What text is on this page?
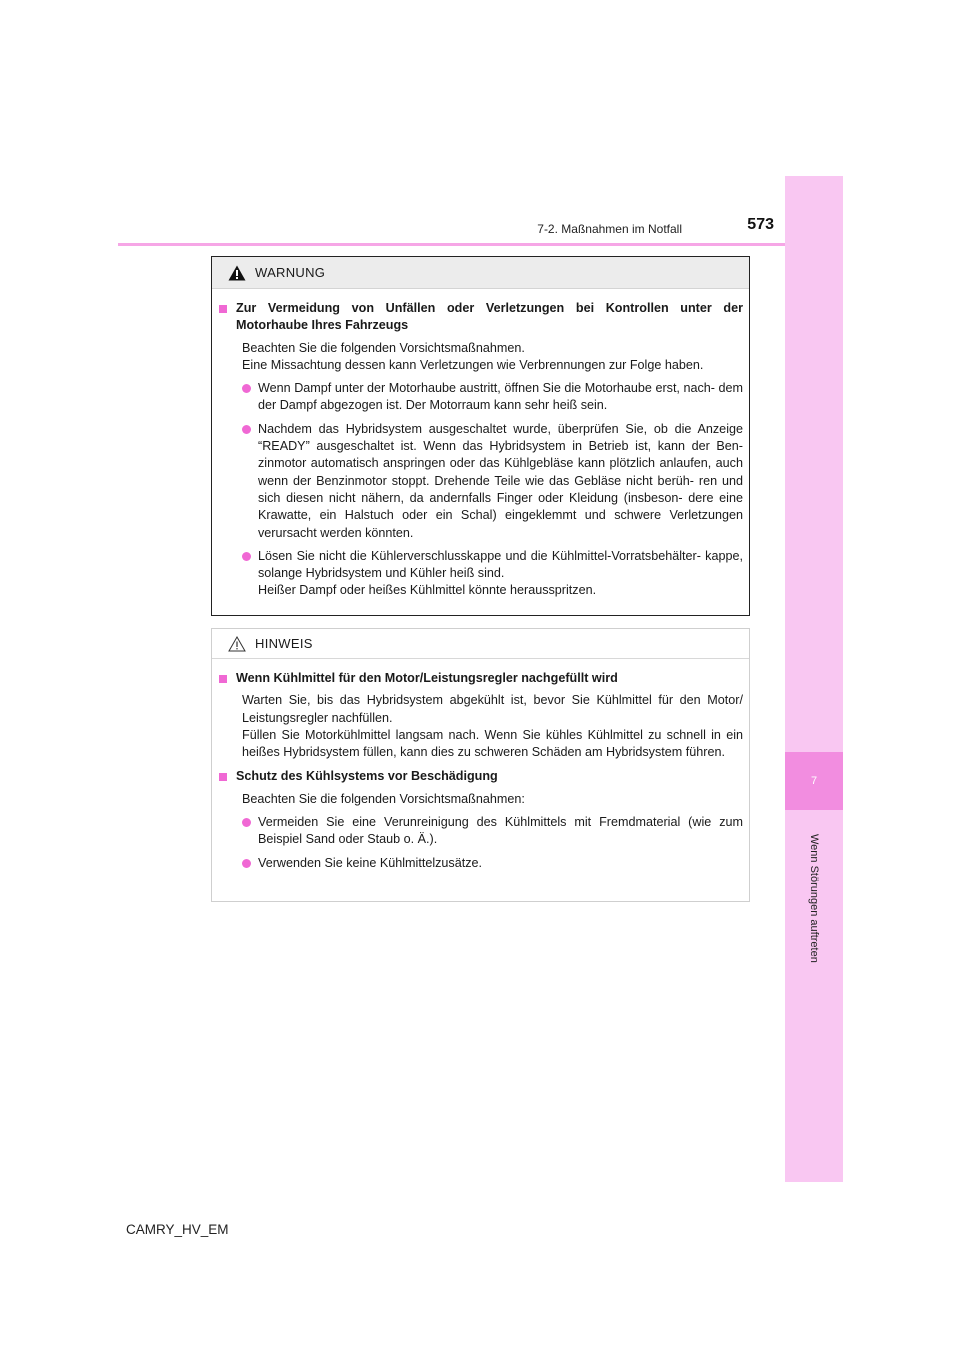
7
Wenn Störungen auftreten
7-2. Maßnahmen im Notfall	573
WARNUNG
Zur Vermeidung von Unfällen oder Verletzungen bei Kontrollen unter der Motorhaube Ihres Fahrzeugs

Beachten Sie die folgenden Vorsichtsmaßnahmen.

Eine Missachtung dessen kann Verletzungen wie Verbrennungen zur Folge haben.

Wenn Dampf unter der Motorhaube austritt, öffnen Sie die Motorhaube erst, nach- dem der Dampf abgezogen ist. Der Motorraum kann sehr heiß sein.
Nachdem das Hybridsystem ausgeschaltet wurde, überprüfen Sie, ob die Anzeige “READY” ausgeschaltet ist. Wenn das Hybridsystem in Betrieb ist, kann der Ben- zinmotor automatisch anspringen oder das Kühlgebläse kann plötzlich anlaufen, auch wenn der Benzinmotor stoppt. Drehende Teile wie das Gebläse nicht berüh- ren und sich diesen nicht nähern, da andernfalls Finger oder Kleidung (insbeson- dere eine Krawatte, ein Halstuch oder ein Schal) eingeklemmt und schwere Verletzungen verursacht werden könnten.
Lösen Sie nicht die Kühlerverschlusskappe und die Kühlmittel-Vorratsbehälter- kappe, solange Hybridsystem und Kühler heiß sind.
Heißer Dampf oder heißes Kühlmittel könnte herausspritzen.
HINWEIS
Wenn Kühlmittel für den Motor/Leistungsregler nachgefüllt wird

Warten Sie, bis das Hybridsystem abgekühlt ist, bevor Sie Kühlmittel für den Motor/ Leistungsregler nachfüllen.

Füllen Sie Motorkühlmittel langsam nach. Wenn Sie kühles Kühlmittel zu schnell in ein heißes Hybridsystem füllen, kann dies zu schweren Schäden am Hybridsystem führen.

Schutz des Kühlsystems vor Beschädigung

Beachten Sie die folgenden Vorsichtsmaßnahmen:

Vermeiden Sie eine Verunreinigung des Kühlmittels mit Fremdmaterial (wie zum Beispiel Sand oder Staub o. Ä.).
Verwenden Sie keine Kühlmittelzusätze.
CAMRY_HV_EM
